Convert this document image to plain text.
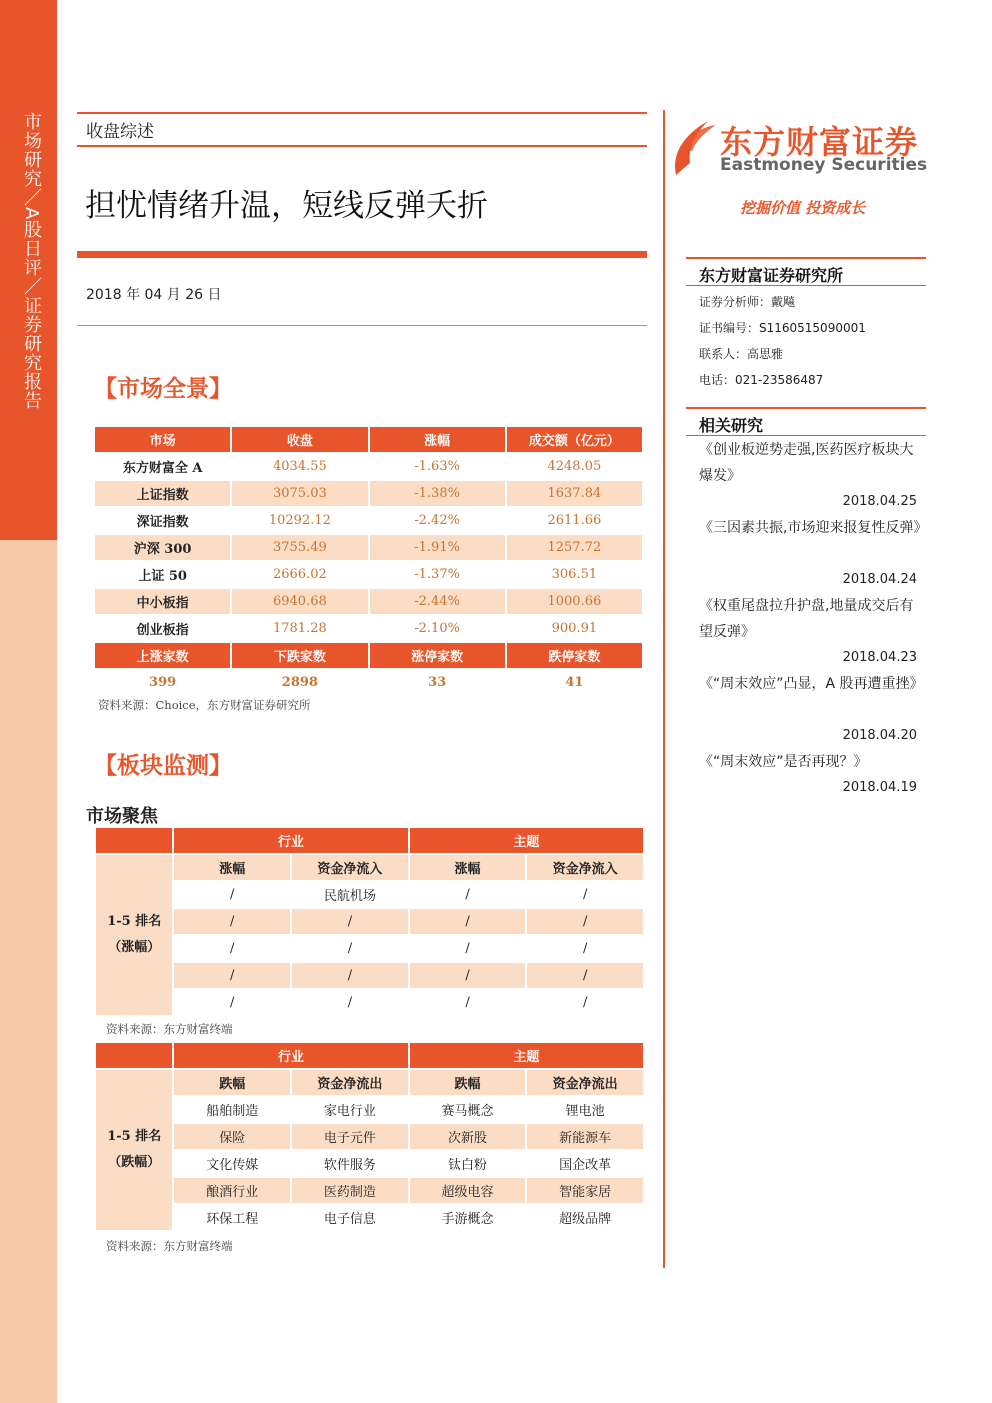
市场研究／A股日评／证券研究报告	收盘综述
担忧情绪升温，短线反弹夭折
2018 年 04 月 26 日
【市场全景】
市场	收盘	涨幅	成交额（亿元）
东方财富全 A	4034.55	-1.63%	4248.05
上证指数	3075.03	-1.38%	1637.84
深证指数	10292.12	-2.42%	2611.66
沪深 300	3755.49	-1.91%	1257.72
上证 50	2666.02	-1.37%	306.51
中小板指	6940.68	-2.44%	1000.66
创业板指	1781.28	-2.10%	900.91
上涨家数	下跌家数	涨停家数	跌停家数
399	2898	33	41
资料来源：Choice，东方财富证券研究所
【板块监测】
市场聚焦
	行业		主题	
1-5 排名（涨幅）	涨幅	资金净流入	涨幅	资金净流入
	/	民航机场	/	/
	/	/	/	/
	/	/	/	/
	/	/	/	/
	/	/	/	/
资料来源：东方财富终端
	行业		主题	
1-5 排名（跌幅）	跌幅	资金净流出	跌幅	资金净流出
	船舶制造	家电行业	赛马概念	锂电池
	保险	电子元件	次新股	新能源车
	文化传媒	软件服务	钛白粉	国企改革
	酿酒行业	医药制造	超级电容	智能家居
	环保工程	电子信息	手游概念	超级品牌
资料来源：东方财富终端
东方财富证券
Eastmoney Securities
挖掘价值 投资成长
东方财富证券研究所
证券分析师：戴飚
证书编号：S1160515090001
联系人：高思雅
电话：021-23586487
相关研究
《创业板逆势走强,医药医疗板块大爆发》
2018.04.25
《三因素共振,市场迎来报复性反弹》
2018.04.24
《权重尾盘拉升护盘,地量成交后有望反弹》
2018.04.23
《“周末效应”凸显，A 股再遭重挫》
2018.04.20
《“周末效应”是否再现？》
2018.04.19
